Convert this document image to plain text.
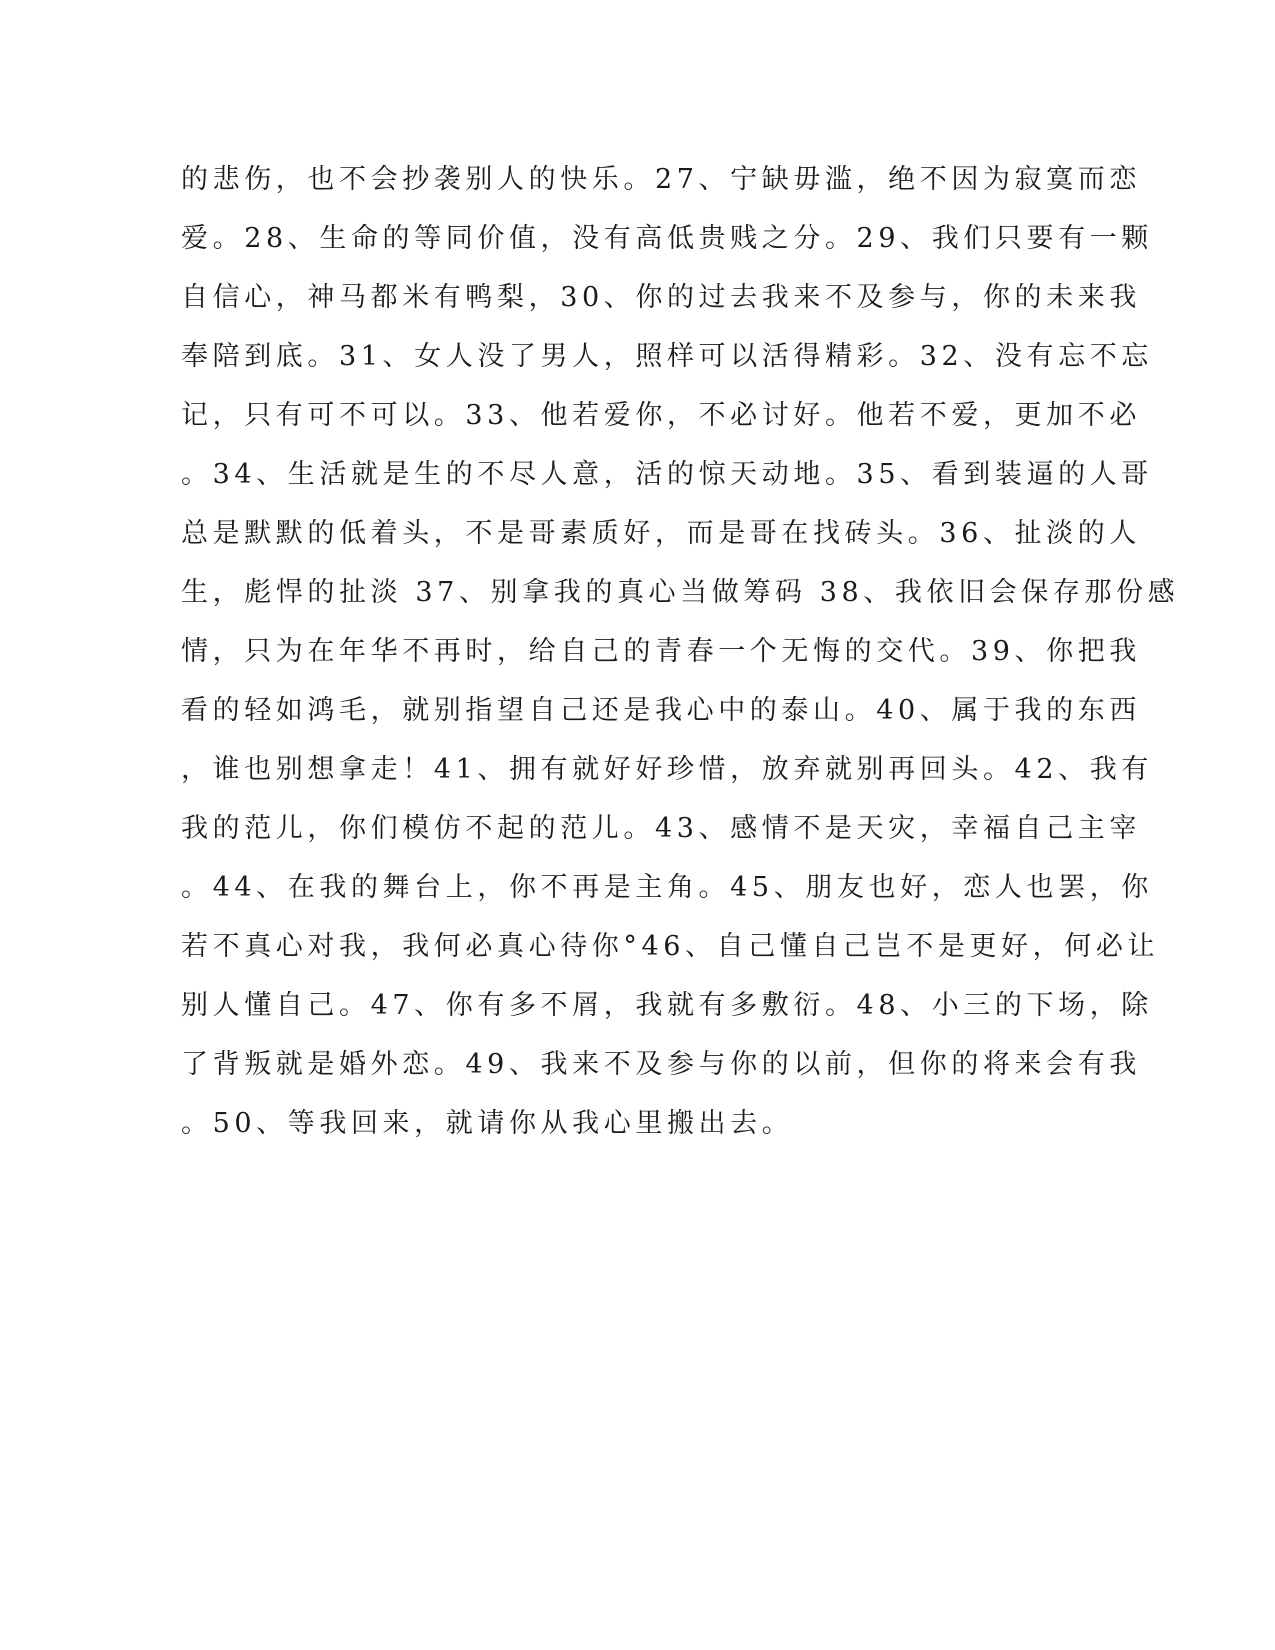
的悲伤，也不会抄袭别人的快乐。27、宁缺毋滥，绝不因为寂寞而恋
爱。28、生命的等同价值，没有高低贵贱之分。29、我们只要有一颗
自信心，神马都米有鸭梨，30、你的过去我来不及参与，你的未来我
奉陪到底。31、女人没了男人，照样可以活得精彩。32、没有忘不忘
记，只有可不可以。33、他若爱你，不必讨好。他若不爱，更加不必
。34、生活就是生的不尽人意，活的惊天动地。35、看到装逼的人哥
总是默默的低着头，不是哥素质好，而是哥在找砖头。36、扯淡的人
生，彪悍的扯淡 37、别拿我的真心当做筹码 38、我依旧会保存那份感
情，只为在年华不再时，给自己的青春一个无悔的交代。39、你把我
看的轻如鸿毛，就别指望自己还是我心中的泰山。40、属于我的东西
，谁也别想拿走！41、拥有就好好珍惜，放弃就别再回头。42、我有
我的范儿，你们模仿不起的范儿。43、感情不是天灾，幸福自己主宰
。44、在我的舞台上，你不再是主角。45、朋友也好，恋人也罢，你
若不真心对我，我何必真心待你°46、自己懂自己岂不是更好，何必让
别人懂自己。47、你有多不屑，我就有多敷衍。48、小三的下场，除
了背叛就是婚外恋。49、我来不及参与你的以前，但你的将来会有我
。50、等我回来，就请你从我心里搬出去。
